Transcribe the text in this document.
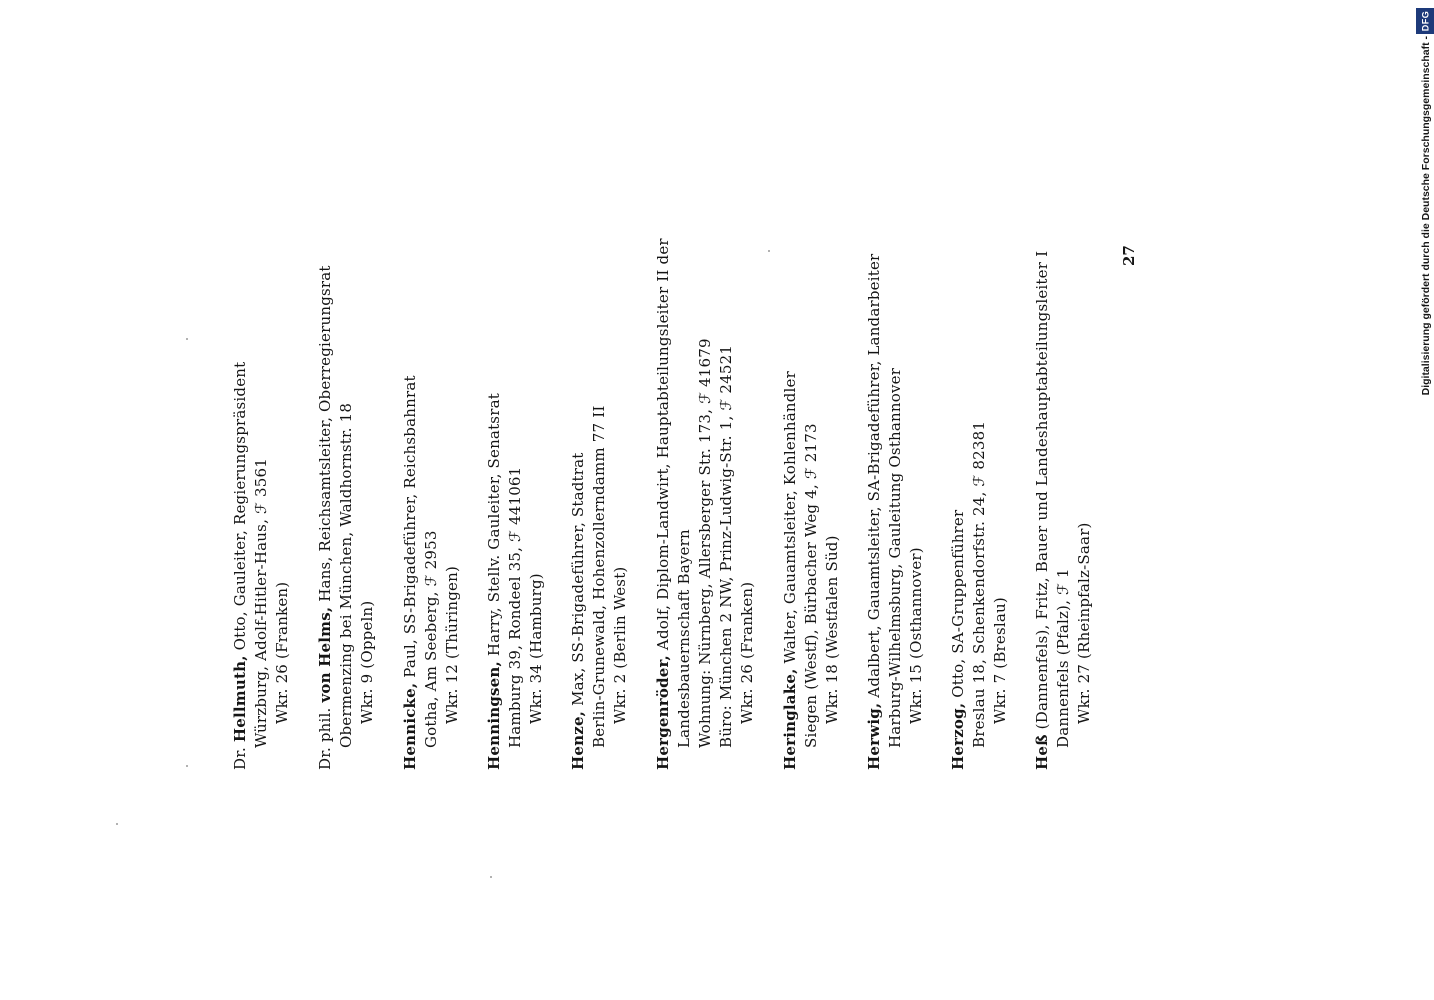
Dr. Hellmuth, Otto, Gauleiter, Regierungspräsident Würzburg, Adolf-Hitler-Haus, ℱ 3561 Wkr. 26 (Franken)
Dr. phil. von Helms, Hans, Reichsamtsleiter, Oberregierungsrat Obermenzing bei München, Waldhornstr. 18 Wkr. 9 (Oppeln)
Hennicke, Paul, SS-Brigadeführer, Reichsbahnrat Gotha, Am Seeberg, ℱ 2953 Wkr. 12 (Thüringen) Henningsen, Harry, Stellv. Gauleiter, Senatsrat Hamburg 39, Rondeel 35, ℱ 441061 Wkr. 34 (Hamburg)
Henze, Max, SS-Brigadeführer, Stadtrat Berlin-Grunewald, Hohenzollerndamm 77 II Wkr. 2 (Berlin West) Hergenröder, Adolf, Diplom-Landwirt, Hauptabteilungsleiter II der Landesbauernschaft Bayern Wohnung: Nürnberg, Allersberger Str. 173, ℱ 41679 Büro: München 2 NW, Prinz-Ludwig-Str. 1, ℱ 24521 Wkr. 26 (Franken) Heringlake, Walter, Gauamtsleiter, Kohlenhändler Siegen (Westf), Bürbacher Weg 4, ℱ 2173 Wkr. 18 (Westfalen Süd)
Herwig, Adalbert, Gauamtsleiter, SA-Brigadeführer, Landarbeiter Harburg-Wilhelmsburg, Gauleitung Osthannover Wkr. 15 (Osthannover)
Herzog, Otto, SA-Gruppenführer Breslau 18, Schenkendorfstr. 24, ℱ 82381 Wkr. 7 (Breslau)
Heß (Dannenfels), Fritz, Bauer und Landeshauptabteilungsleiter I Dannenfels (Pfalz), ℱ 1 Wkr. 27 (Rheinpfalz-Saar)
27
DFG
Digitalisierung gefördert durch die Deutsche Forschungsgemeinschaft -
